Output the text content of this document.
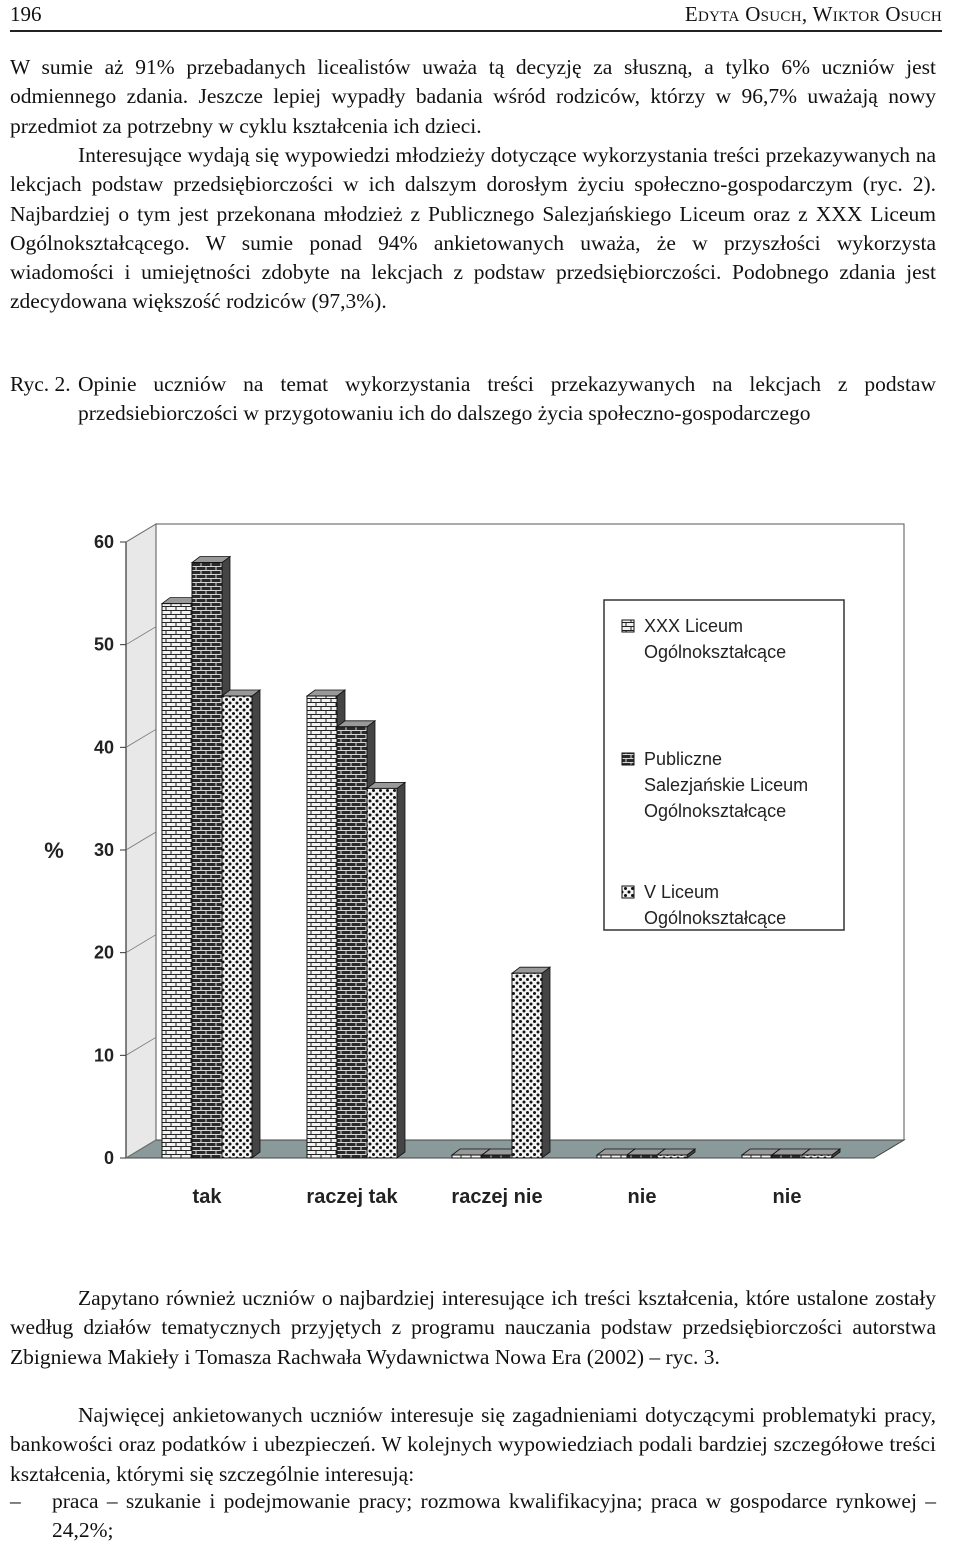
196	Edyta Osuch, Wiktor Osuch

W sumie aż 91% przebadanych licealistów uważa tą decyzję za słuszną, a tylko 6% uczniów jest odmiennego zdania. Jeszcze lepiej wypadły badania wśród rodziców, którzy w 96,7% uważają nowy przedmiot za potrzebny w cyklu kształcenia ich dzieci.

Interesujące wydają się wypowiedzi młodzieży dotyczące wykorzystania treści przekazywanych na lekcjach podstaw przedsiębiorczości w ich dalszym dorosłym życiu społeczno-gospodarczym (ryc. 2). Najbardziej o tym jest przekonana młodzież z Publicznego Salezjańskiego Liceum oraz z XXX Liceum Ogólnokształcącego. W sumie ponad 94% ankietowanych uważa, że w przyszłości wykorzysta wiadomości i umiejętności zdobyte na lekcjach z podstaw przedsiębiorczości. Podobnego zdania jest zdecydowana większość rodziców (97,3%).

Ryc. 2. Opinie uczniów na temat wykorzystania treści przekazywanych na lekcjach z podstaw przedsiebiorczości w przygotowaniu ich do dalszego życia społeczno-gospodarczego
0
10
20
30
40
50
60
%
tak	raczej tak	raczej nie	nie	nie
XXX Liceum
Ogólnokształcące
Publiczne
Salezjańskie Liceum
Ogólnokształcące
V Liceum
Ogólnokształcące

Zapytano również uczniów o najbardziej interesujące ich treści kształcenia, które ustalone zostały według działów tematycznych przyjętych z programu nauczania podstaw przedsiębiorczości autorstwa Zbigniewa Makieły i Tomasza Rachwała Wydawnictwa Nowa Era (2002) – ryc. 3.

Najwięcej ankietowanych uczniów interesuje się zagadnieniami dotyczącymi problematyki pracy, bankowości oraz podatków i ubezpieczeń. W kolejnych wypowiedziach podali bardziej szczegółowe treści kształcenia, którymi się szczególnie interesują:

– praca – szukanie i podejmowanie pracy; rozmowa kwalifikacyjna; praca w gospodarce rynkowej – 24,2%;
